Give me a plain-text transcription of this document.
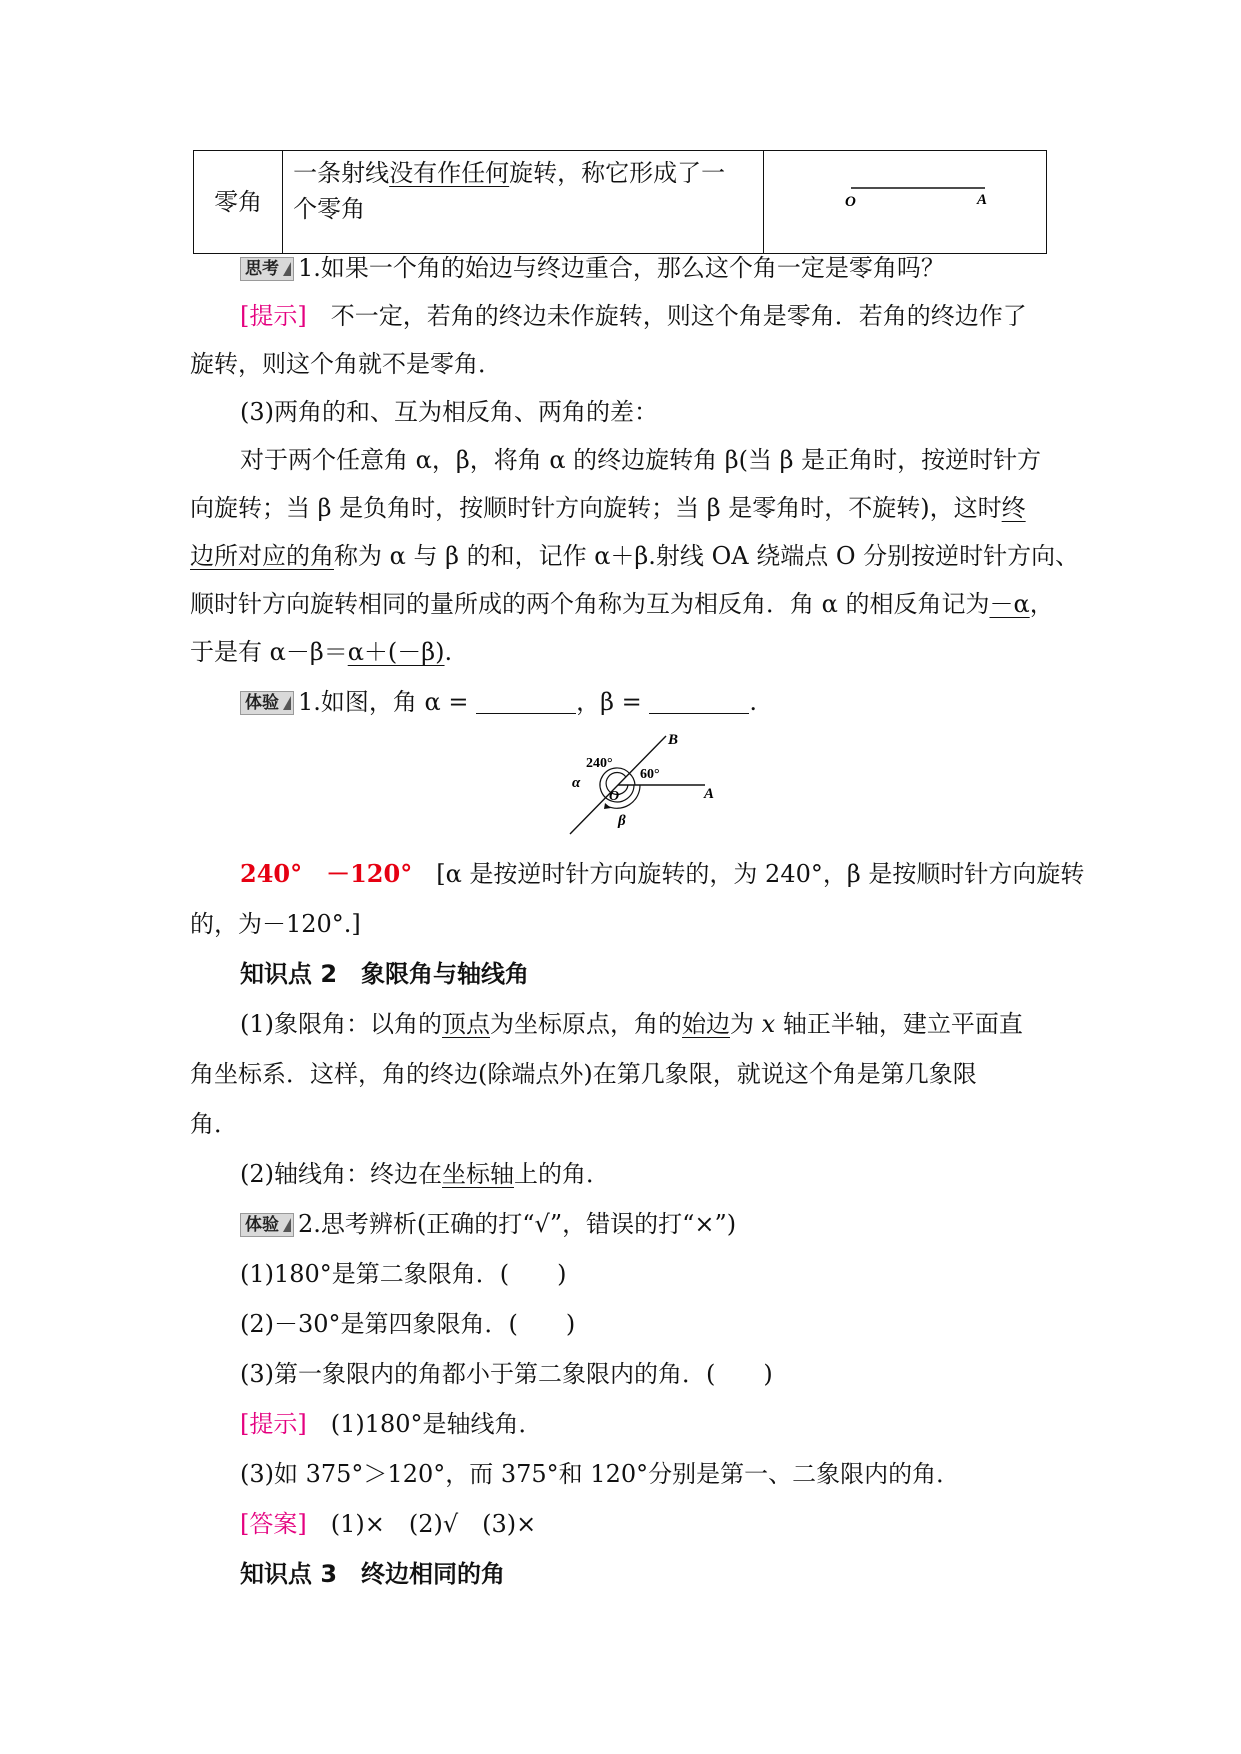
零角	一条射线没有作任何旋转，称它形成了一
个零角	O	A
思考 1.如果一个角的始边与终边重合，那么这个角一定是零角吗？
[提示]　 不一定，若角的终边未作旋转，则这个角是零角．若角的终边作了
旋转，则这个角就不是零角．
(3)两角的和、互为相反角、两角的差：
对于两个任意角 α，β，将角 α 的终边旋转角 β(当 β 是正角时，按逆时针方
向旋转；当 β 是负角时，按顺时针方向旋转；当 β 是零角时，不旋转)，这时终
边所对应的角称为 α 与 β 的和，记作 α＋β.射线 OA 绕端点 O 分别按逆时针方向、
顺时针方向旋转相同的量所成的两个角称为互为相反角．角 α 的相反角记为－α，
于是有 α－β＝α＋(－β).
体验 1.如图，角 α =	，β =	.
B
A
O
240°
60°
α
β
240°　 －120°　 [α 是按逆时针方向旋转的，为 240°，β 是按顺时针方向旋转
的，为－120°.]
知识点 2　象限角与轴线角
(1)象限角：以角的顶点为坐标原点，角的始边为 x 轴正半轴，建立平面直
角坐标系．这样，角的终边(除端点外)在第几象限，就说这个角是第几象限
角．
(2)轴线角：终边在坐标轴上的角．
体验 2.思考辨析(正确的打“√”，错误的打“×”)
(1)180°是第二象限角．(　　)
(2)－30°是第四象限角．(　　)
(3)第一象限内的角都小于第二象限内的角．(　　)
[提示]　 (1)180°是轴线角．
(3)如 375°＞120°，而 375°和 120°分别是第一、二象限内的角．
[答案]　 (1)×　(2)√　(3)×
知识点 3　终边相同的角
